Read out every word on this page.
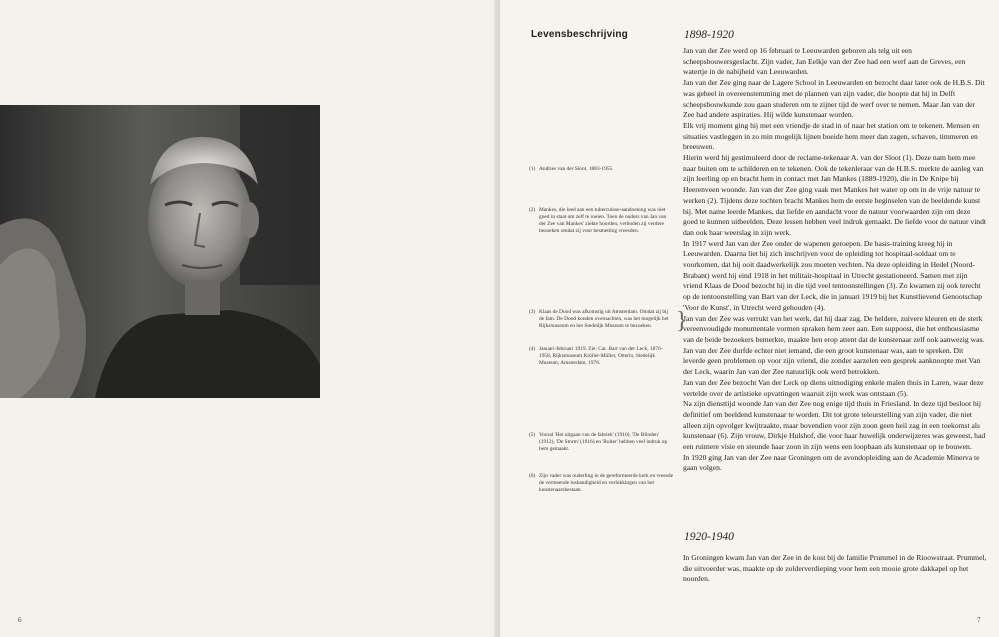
6	7
Levensbeschrijving	1898-1920

Jan van der Zee werd op 16 februari te Leeuwarden geboren als telg uit een scheepsbouwersgeslacht. Zijn vader, Jan Eelkje van der Zee had een werf aan de Greves, een watertje in de nabijheid van Leeuwarden.

Jan van der Zee ging naar de Lagere School in Leeuwarden en bezocht daar later ook de H.B.S. Dit was geheel in overeenstemming met de plannen van zijn vader, die hoopte dat hij in Delft scheepsbouwkunde zou gaan studeren om te zijner tijd de werf over te nemen. Maar Jan van der Zee had andere aspiraties. Hij wilde kunstenaar worden.

Elk vrij moment ging hij met een vriendje de stad in of naar het station om te tekenen. Mensen en situaties vastleggen in zo min mogelijk lijnen boeide hem meer dan zagen, schaven, timmeren en breeuwen.

Hierin werd hij gestimuleerd door de reclame-tekenaar A. van der Sloot (1). Deze nam hem mee naar buiten om te schilderen en te tekenen. Ook de tekenleraar van de H.B.S. merkte de aanleg van zijn leerling op en bracht hem in contact met Jan Mankes (1889-1920), die in De Knipe bij Heerenveen woonde. Jan van der Zee ging vaak met Mankes het water op om in de vrije natuur te werken (2). Tijdens deze tochten bracht Mankes hem de eerste beginselen van de beeldende kunst bij. Met name leerde Mankes, dat liefde en aandacht voor de natuur voorwaarden zijn om deze goed te kunnen uitbeelden. Deze lessen hebben veel indruk gemaakt. De liefde voor de natuur vindt dan ook haar weerslag in zijn werk.

In 1917 werd Jan van der Zee onder de wapenen geroepen. De basis-training kreeg hij in Leeuwarden. Daarna liet hij zich inschrijven voor de opleiding tot hospitaal-soldaat om te voorkomen, dat hij ooit daadwerkelijk zou moeten vechten. Na deze opleiding in Hedel (Noord-Brabant) werd hij eind 1918 in het militair-hospitaal in Utrecht gestationeerd. Samen met zijn vriend Klaas de Dood bezocht hij in die tijd veel tentoonstellingen (3). Zo kwamen zij ook terecht op de tentoonstelling van Bart van der Leck, die in januari 1919 bij het Kunstlievend Genootschap 'Voor de Kunst', in Utrecht werd gehouden (4).

Jan van der Zee was verrukt van het werk, dat hij daar zag. De heldere, zuivere kleuren en de sterk vereenvoudigde monumentale vormen spraken hem zeer aan. Een suppoost, die het enthousiasme van de beide bezoekers bemerkte, maakte hen erop attent dat de kunstenaar zelf ook aanwezig was. Jan van der Zee durfde echter niet iemand, die een groot kunstenaar was, aan te spreken. Dit leverde geen problemen op voor zijn vriend, die zonder aarzelen een gesprek aanknoopte met Van der Leck, waarin Jan van der Zee natuurlijk ook werd betrokken.

Jan van der Zee bezocht Van der Leck op diens uitnodiging enkele malen thuis in Laren, waar deze vertelde over de artistieke opvattingen waaruit zijn werk was ontstaan (5).

Na zijn diensttijd woonde Jan van der Zee nog enige tijd thuis in Friesland. In deze tijd besloot hij definitief om beeldend kunstenaar te worden. Dit tot grote teleurstelling van zijn vader, die niet alleen zijn opvolger kwijtraakte, maar bovendien voor zijn zoon geen heil zag in een toekomst als kunstenaar (6). Zijn vrouw, Dirkje Hulshof, die voor haar huwelijk onderwijzeres was geweest, had een ruimere visie en steunde haar zoon in zijn wens een loopbaan als kunstenaar op te bouwen.

In 1920 ging Jan van der Zee naar Groningen om de avondopleiding aan de Academie Minerva te gaan volgen.

1920-1940

In Groningen kwam Jan van der Zee in de kost bij de familie Prummel in de Rioowstraat. Prummel, die uitvoerder was, maakte op de zolderverdieping voor hem een mooie grote dakkapel op het noorden.

(1) Andries van der Sloot, 1883-1955.
(2) Mankes, die leed aan een tuberculose-aandoening was niet goed in staat om zelf te roeien. Toen de ouders van Jan van der Zee van Mankes' ziekte hoorden, verboden zij verdere bezoeken omdat zij voor besmetting vreesden.
(3) Klaas de Dood was afkomstig uit Amsterdam. Omdat zij bij de fam. De Dood konden overnachten, was het mogelijk het Rijksmuseum en het Stedelijk Museum te bezoeken.
(4) Januari-februari 1919. Zie: Cat. Bart van der Leck, 1876-1958, Rijksmuseum Kröller-Müller, Otterlo, Stedelijk Museum, Amsterdam, 1976.
(5) Vooral 'Het uitgaan van de fabriek' (1910), 'De Blinden' (1912), 'De Storm' (1916) en 'Ruiter' hebben veel indruk op hem gemaakt.
(6) Zijn vader was ouderling in de gereformeerde kerk en vreesde de vermeende losbandigheid en verlokkingen van het kunstenaarsbestaan.
}
